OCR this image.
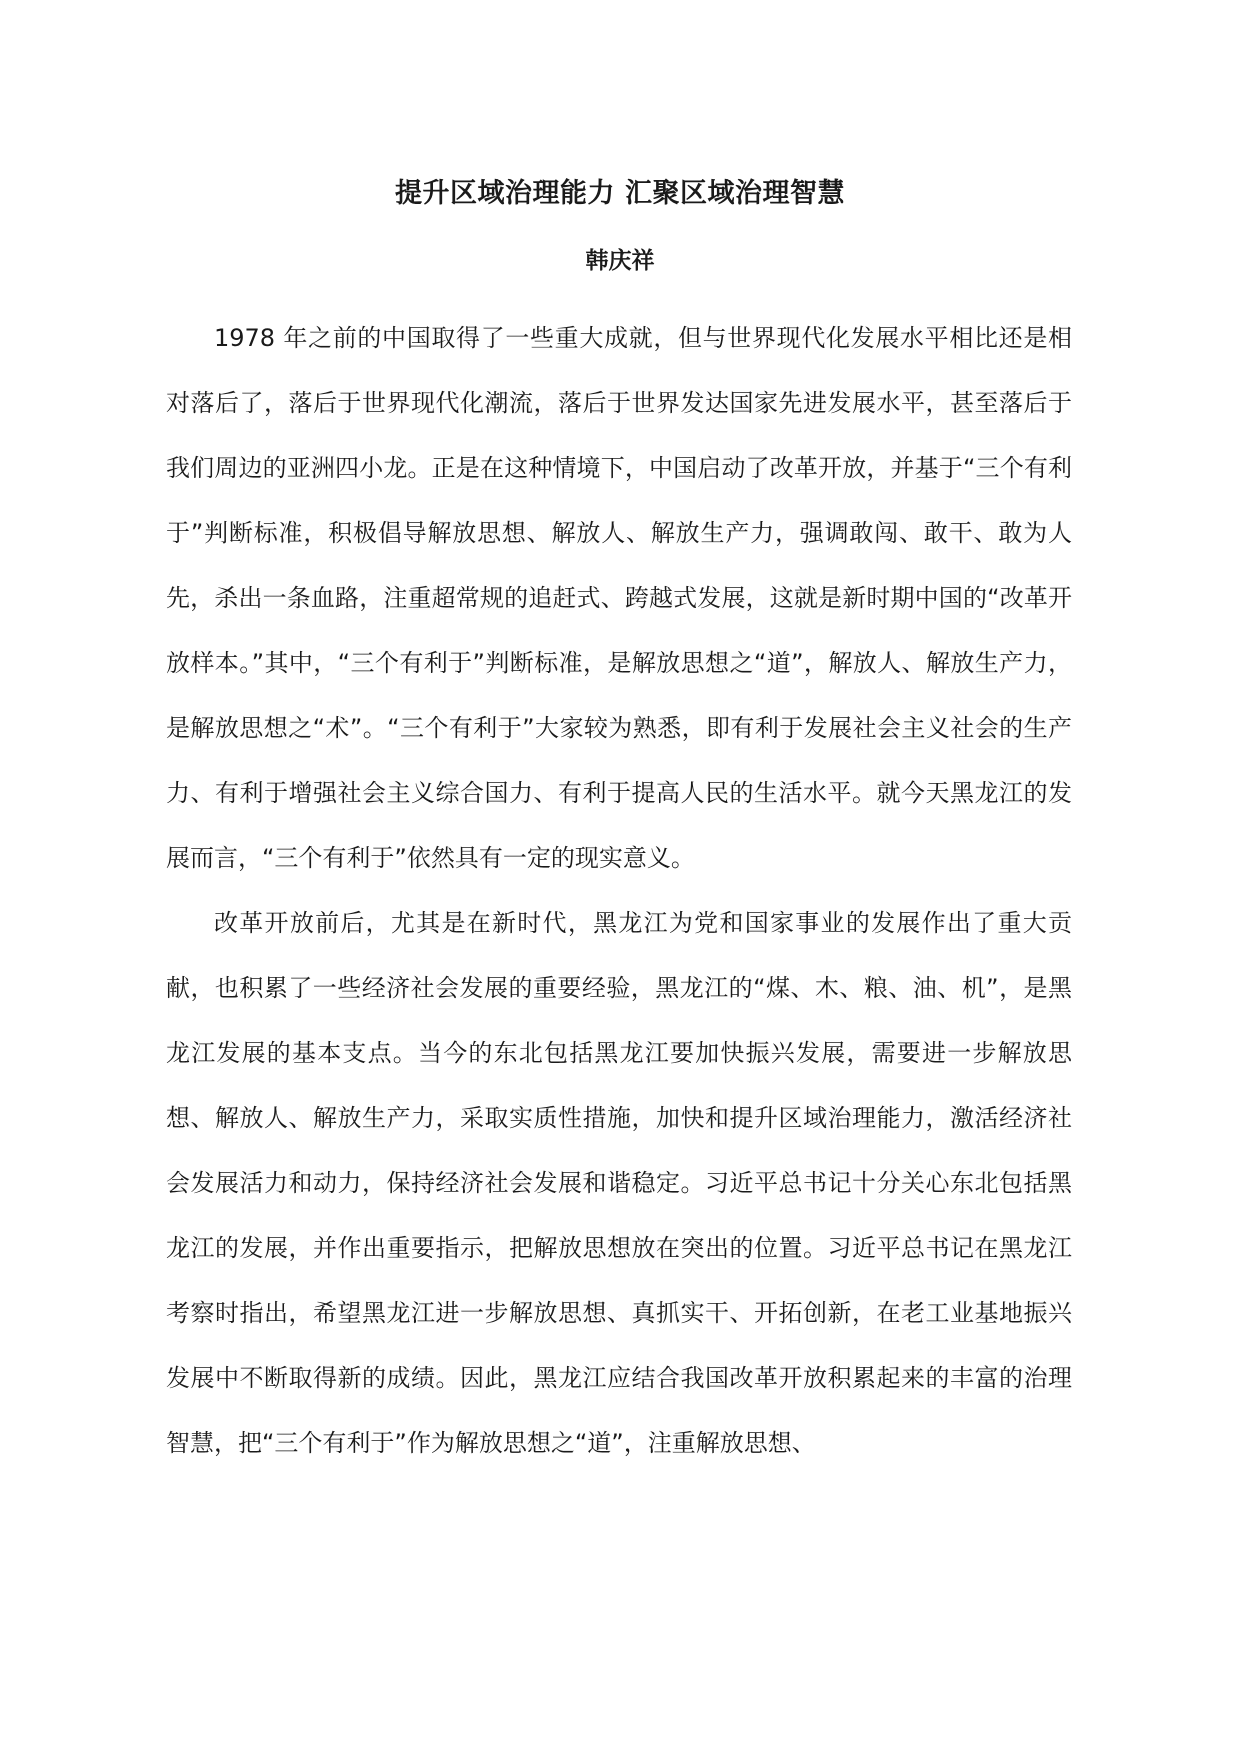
提升区域治理能力 汇聚区域治理智慧
韩庆祥

1978 年之前的中国取得了一些重大成就，但与世界现代化发展水平相比还是相对落后了，落后于世界现代化潮流，落后于世界发达国家先进发展水平，甚至落后于我们周边的亚洲四小龙。正是在这种情境下，中国启动了改革开放，并基于“三个有利于”判断标准，积极倡导解放思想、解放人、解放生产力，强调敢闯、敢干、敢为人先，杀出一条血路，注重超常规的追赶式、跨越式发展，这就是新时期中国的“改革开放样本。”其中，“三个有利于”判断标准，是解放思想之“道”，解放人、解放生产力，是解放思想之“术”。“三个有利于”大家较为熟悉，即有利于发展社会主义社会的生产力、有利于增强社会主义综合国力、有利于提高人民的生活水平。就今天黑龙江的发展而言，“三个有利于”依然具有一定的现实意义。

改革开放前后，尤其是在新时代，黑龙江为党和国家事业的发展作出了重大贡献，也积累了一些经济社会发展的重要经验，黑龙江的“煤、木、粮、油、机”，是黑龙江发展的基本支点。当今的东北包括黑龙江要加快振兴发展，需要进一步解放思想、解放人、解放生产力，采取实质性措施，加快和提升区域治理能力，激活经济社会发展活力和动力，保持经济社会发展和谐稳定。习近平总书记十分关心东北包括黑龙江的发展，并作出重要指示，把解放思想放在突出的位置。习近平总书记在黑龙江考察时指出，希望黑龙江进一步解放思想、真抓实干、开拓创新，在老工业基地振兴发展中不断取得新的成绩。因此，黑龙江应结合我国改革开放积累起来的丰富的治理智慧，把“三个有利于”作为解放思想之“道”，注重解放思想、
